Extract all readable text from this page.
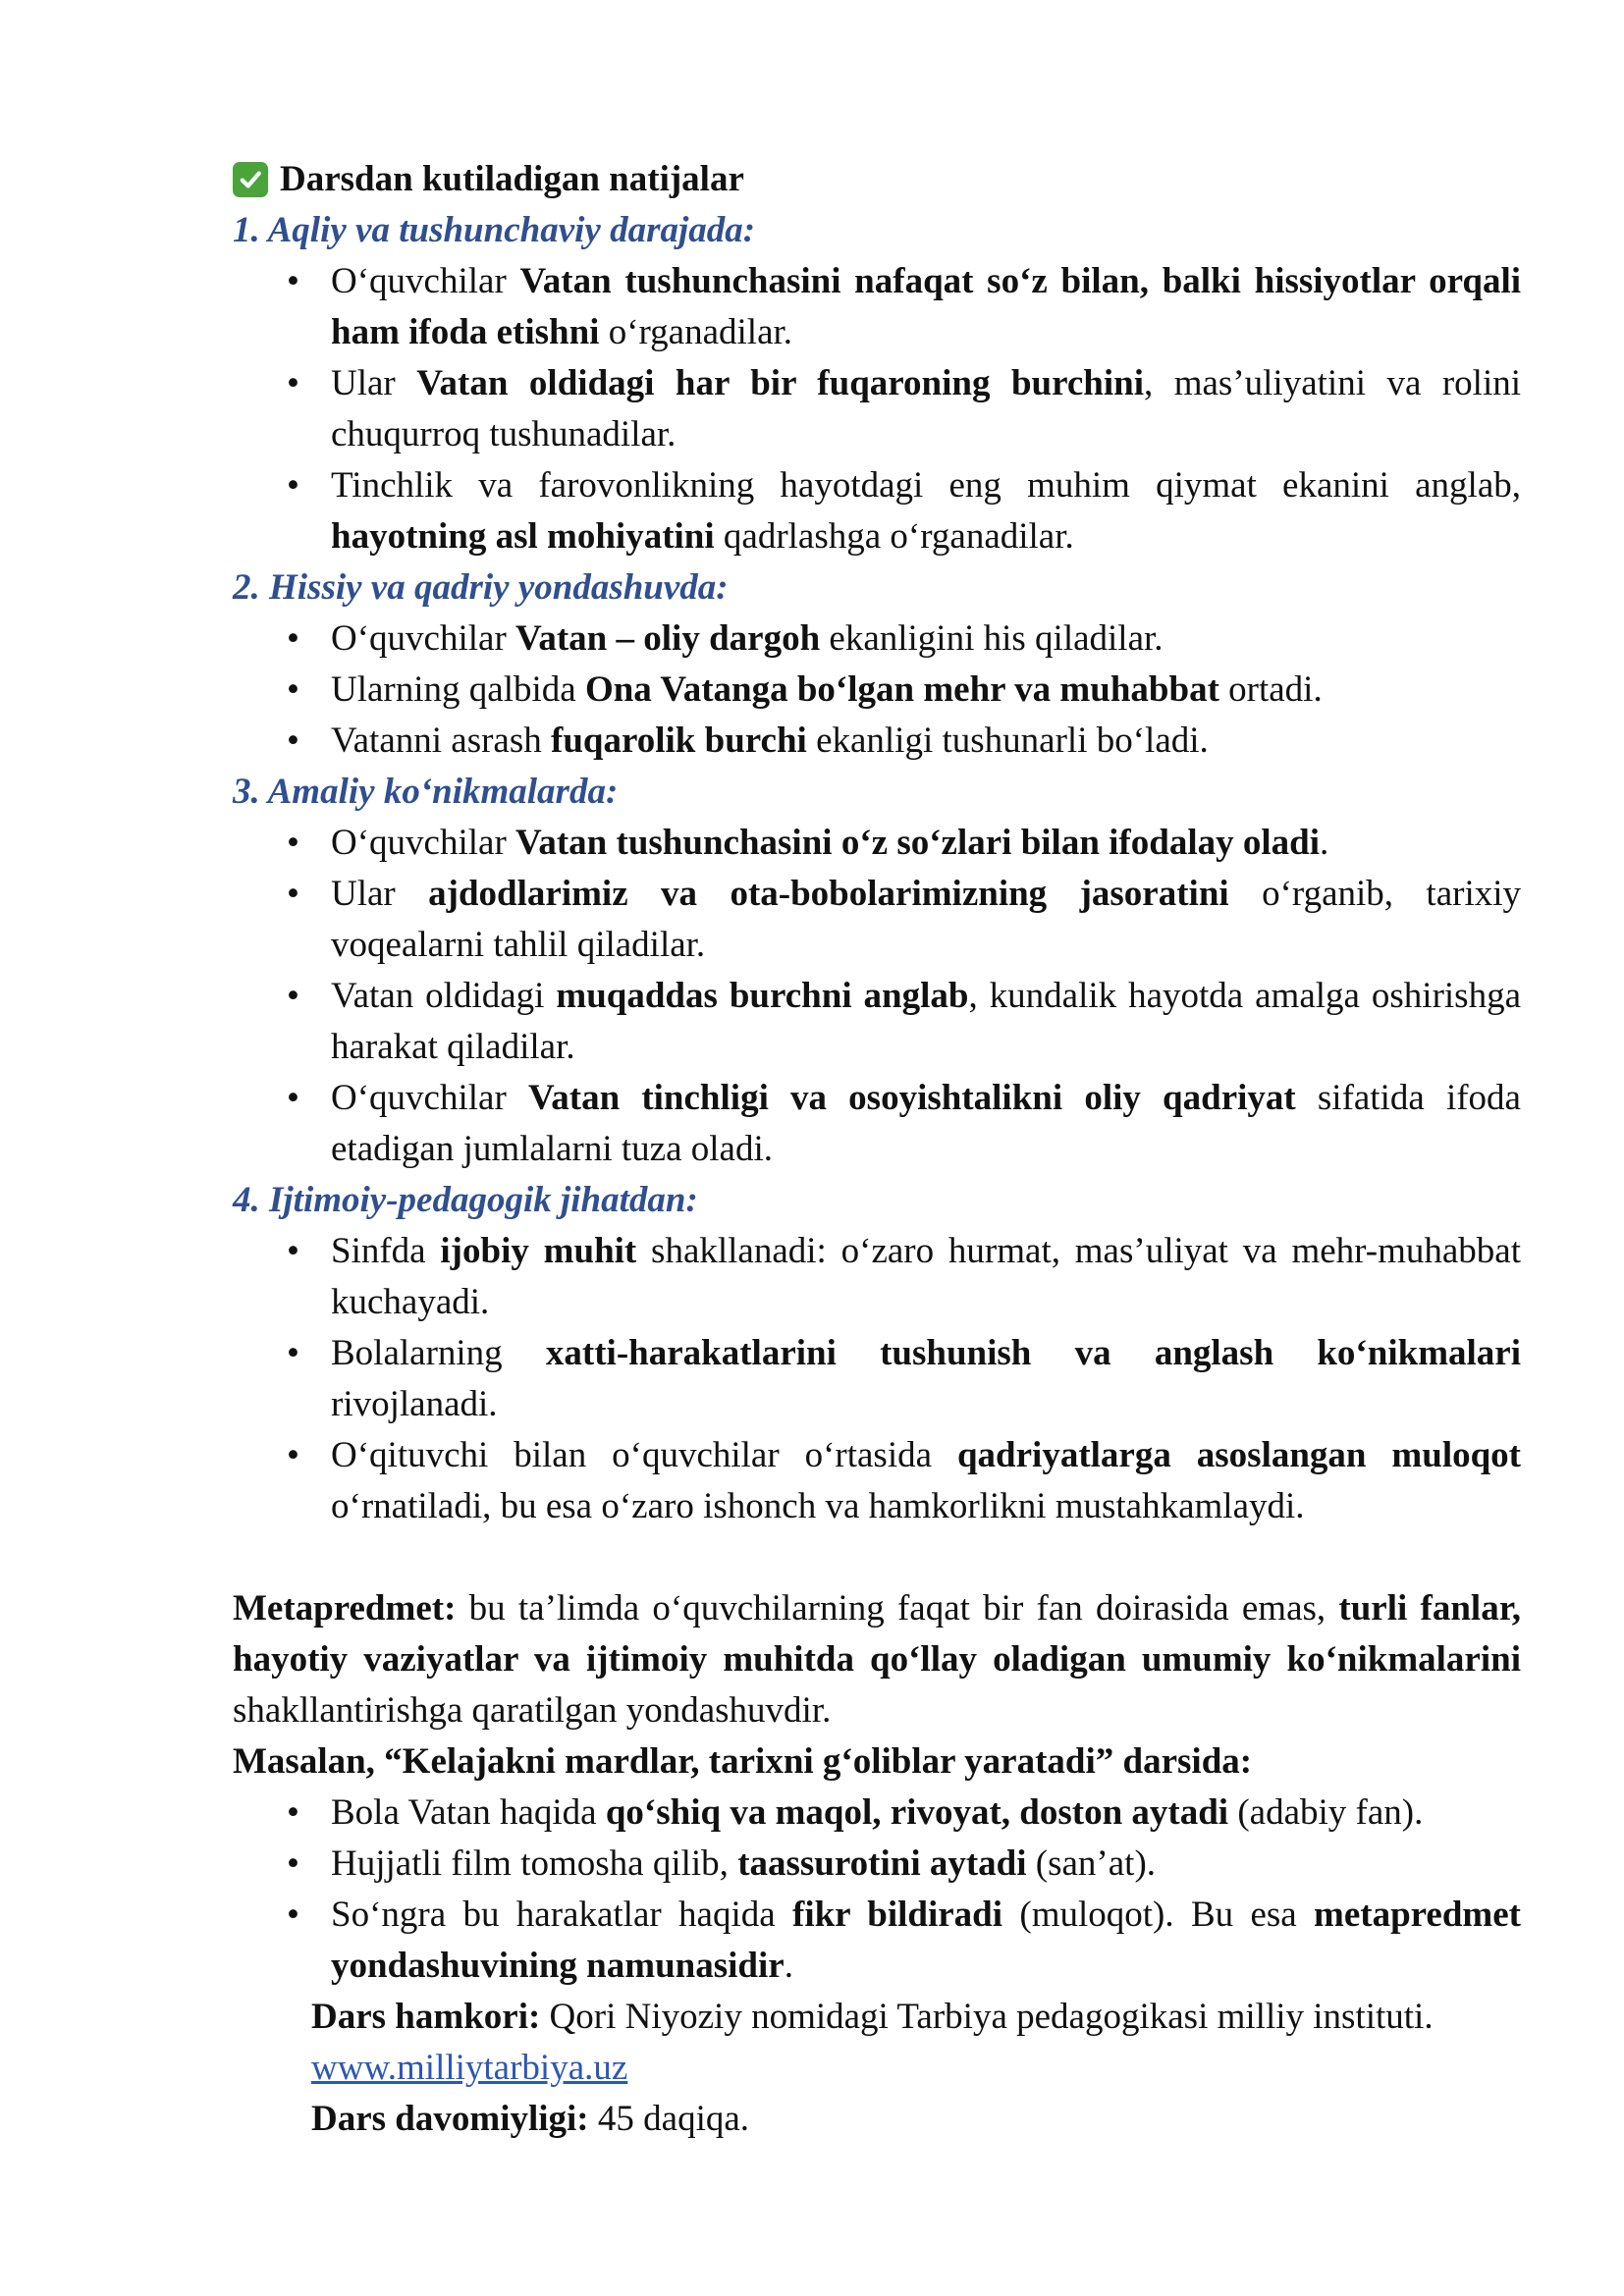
Darsdan kutiladigan natijalar
1. Aqliy va tushunchaviy darajada:
• O‘quvchilar Vatan tushunchasini nafaqat so‘z bilan, balki hissiyotlar orqali ham ifoda etishni o‘rganadilar.
• Ular Vatan oldidagi har bir fuqaroning burchini, mas’uliyatini va rolini chuqurroq tushunadilar.
• Tinchlik va farovonlikning hayotdagi eng muhim qiymat ekanini anglab, hayotning asl mohiyatini qadrlashga o‘rganadilar.
2. Hissiy va qadriy yondashuvda:
• O‘quvchilar Vatan – oliy dargoh ekanligini his qiladilar.
• Ularning qalbida Ona Vatanga bo‘lgan mehr va muhabbat ortadi.
• Vatanni asrash fuqarolik burchi ekanligi tushunarli bo‘ladi.
3. Amaliy ko‘nikmalarda:
• O‘quvchilar Vatan tushunchasini o‘z so‘zlari bilan ifodalay oladi.
• Ular ajdodlarimiz va ota-bobolarimizning jasoratini o‘rganib, tarixiy voqealarni tahlil qiladilar.
• Vatan oldidagi muqaddas burchni anglab, kundalik hayotda amalga oshirishga harakat qiladilar.
• O‘quvchilar Vatan tinchligi va osoyishtalikni oliy qadriyat sifatida ifoda etadigan jumlalarni tuza oladi.
4. Ijtimoiy-pedagogik jihatdan:
• Sinfda ijobiy muhit shakllanadi: o‘zaro hurmat, mas’uliyat va mehr-muhabbat kuchayadi.
• Bolalarning xatti-harakatlarini tushunish va anglash ko‘nikmalari rivojlanadi.
• O‘qituvchi bilan o‘quvchilar o‘rtasida qadriyatlarga asoslangan muloqot o‘rnatiladi, bu esa o‘zaro ishonch va hamkorlikni mustahkamlaydi.
Metapredmet: bu ta’limda o‘quvchilarning faqat bir fan doirasida emas, turli fanlar, hayotiy vaziyatlar va ijtimoiy muhitda qo‘llay oladigan umumiy ko‘nikmalarini shakllantirishga qaratilgan yondashuvdir.
Masalan, “Kelajakni mardlar, tarixni g‘oliblar yaratadi” darsida:
• Bola Vatan haqida qo‘shiq va maqol, rivoyat, doston aytadi (adabiy fan).
• Hujjatli film tomosha qilib, taassurotini aytadi (san’at).
• So‘ngra bu harakatlar haqida fikr bildiradi (muloqot). Bu esa metapredmet yondashuvining namunasidir.
Dars hamkori: Qori Niyoziy nomidagi Tarbiya pedagogikasi milliy instituti.
www.milliytarbiya.uz
Dars davomiyligi: 45 daqiqa.
